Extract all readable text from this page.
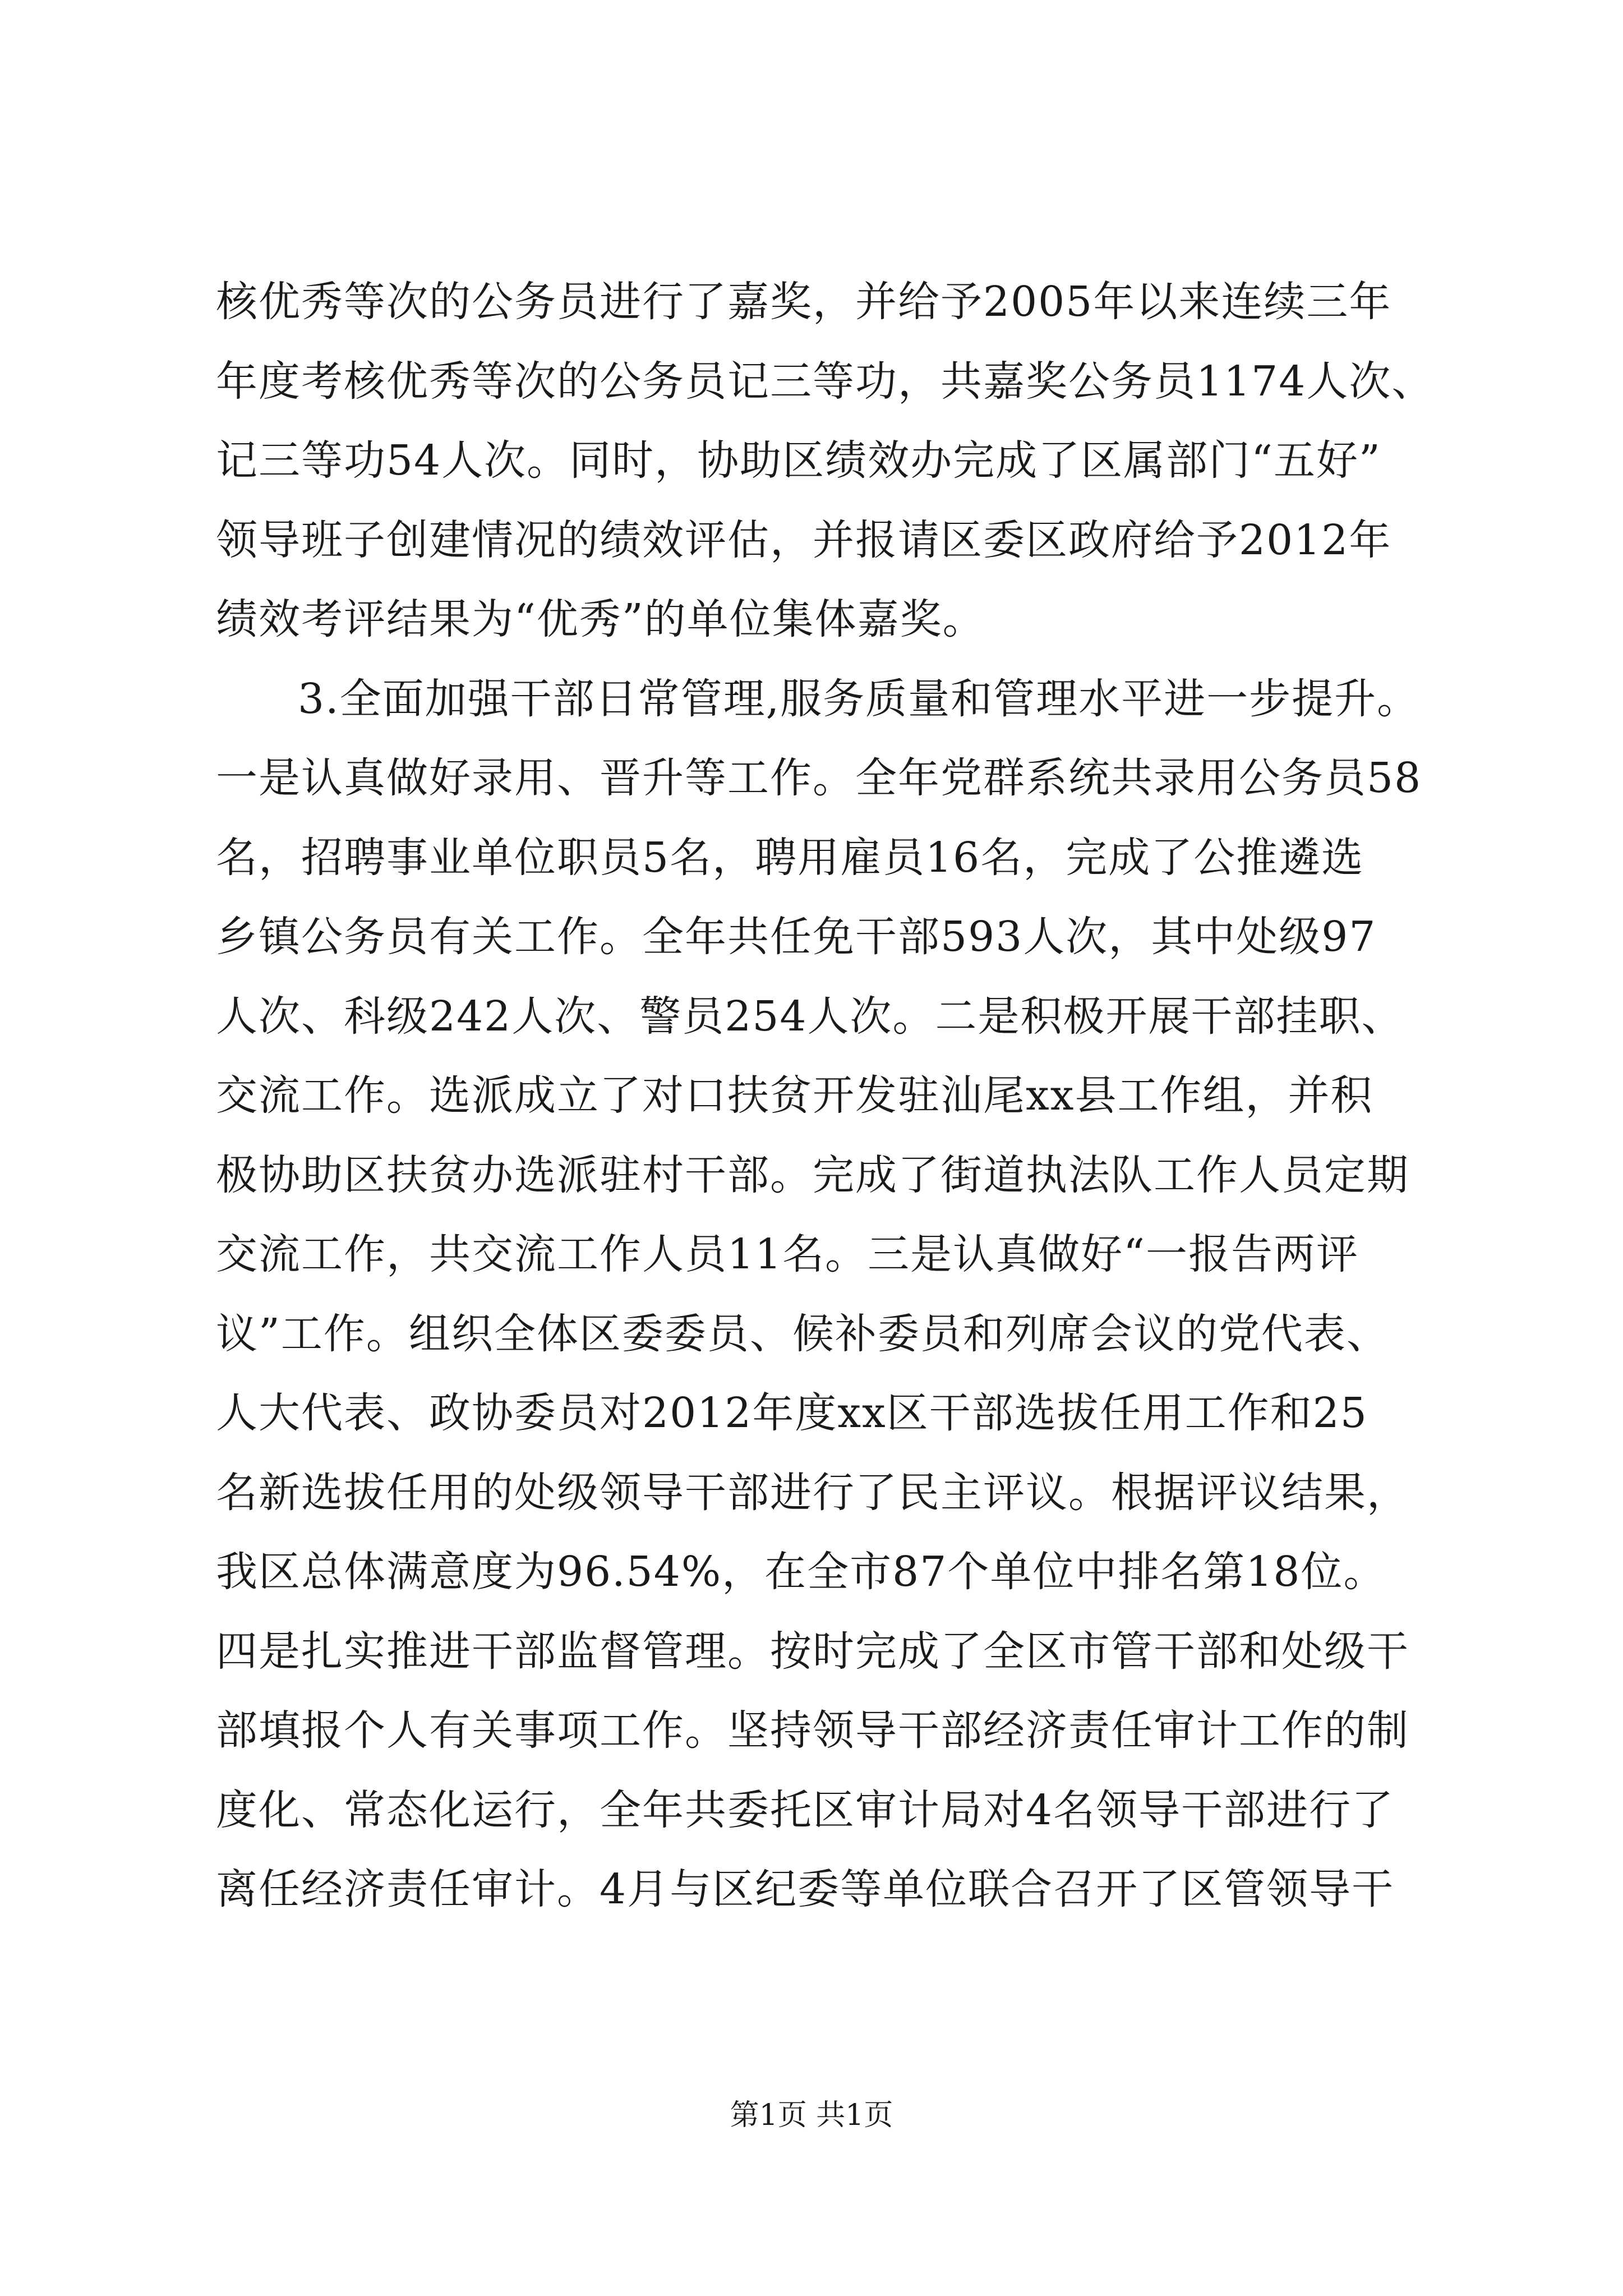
核优秀等次的公务员进行了嘉奖，并给予2005年以来连续三年
年度考核优秀等次的公务员记三等功，共嘉奖公务员1174人次、
记三等功54人次。同时，协助区绩效办完成了区属部门“五好”
领导班子创建情况的绩效评估，并报请区委区政府给予2012年
绩效考评结果为“优秀”的单位集体嘉奖。
3.全面加强干部日常管理,服务质量和管理水平进一步提升。
一是认真做好录用、晋升等工作。全年党群系统共录用公务员58
名，招聘事业单位职员5名，聘用雇员16名，完成了公推遴选
乡镇公务员有关工作。全年共任免干部593人次，其中处级97
人次、科级242人次、警员254人次。二是积极开展干部挂职、
交流工作。选派成立了对口扶贫开发驻汕尾xx县工作组，并积
极协助区扶贫办选派驻村干部。完成了街道执法队工作人员定期
交流工作，共交流工作人员11名。三是认真做好“一报告两评
议”工作。组织全体区委委员、候补委员和列席会议的党代表、
人大代表、政协委员对2012年度xx区干部选拔任用工作和25
名新选拔任用的处级领导干部进行了民主评议。根据评议结果，
我区总体满意度为96.54%，在全市87个单位中排名第18位。
四是扎实推进干部监督管理。按时完成了全区市管干部和处级干
部填报个人有关事项工作。坚持领导干部经济责任审计工作的制
度化、常态化运行，全年共委托区审计局对4名领导干部进行了
离任经济责任审计。4月与区纪委等单位联合召开了区管领导干
第1页 共1页
